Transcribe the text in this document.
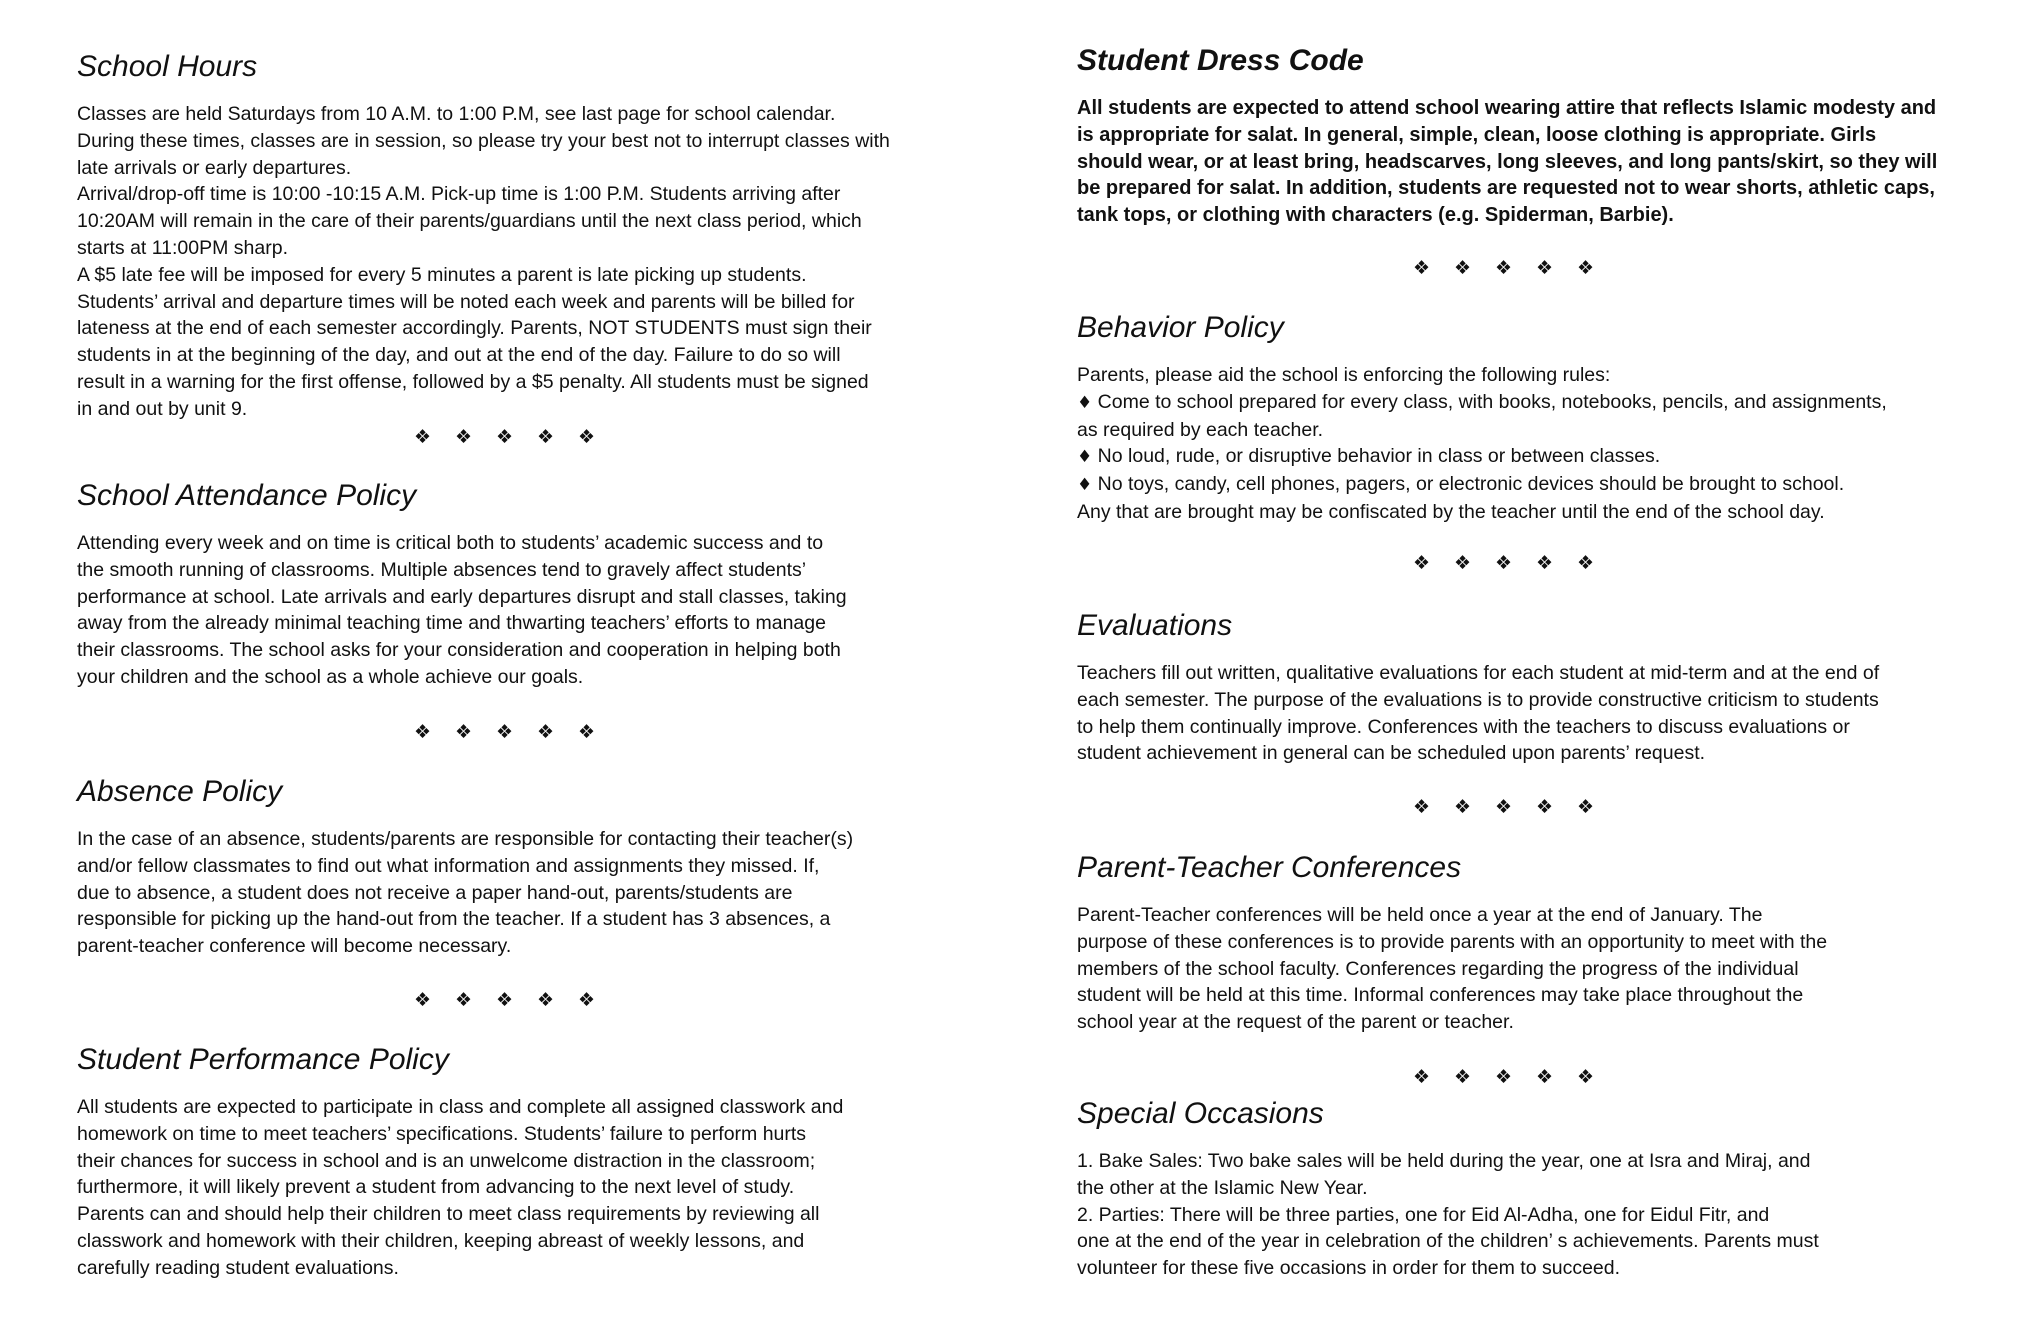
School Hours
Classes are held Saturdays from 10 A.M. to 1:00 P.M, see last page for school calendar.
During these times, classes are in session, so please try your best not to interrupt classes with
late arrivals or early departures.
Arrival/drop-off time is 10:00 -10:15 A.M. Pick-up time is 1:00 P.M. Students arriving after
10:20AM will remain in the care of their parents/guardians until the next class period, which
starts at 11:00PM sharp.
A $5 late fee will be imposed for every 5 minutes a parent is late picking up students.
Students’ arrival and departure times will be noted each week and parents will be billed for
lateness at the end of each semester accordingly. Parents, NOT STUDENTS must sign their
students in at the beginning of the day, and out at the end of the day. Failure to do so will
result in a warning for the first offense, followed by a $5 penalty. All students must be signed
in and out by unit 9.
❖ ❖ ❖ ❖ ❖
School Attendance Policy
Attending every week and on time is critical both to students’ academic success and to
the smooth running of classrooms. Multiple absences tend to gravely affect students’
performance at school. Late arrivals and early departures disrupt and stall classes, taking
away from the already minimal teaching time and thwarting teachers’ efforts to manage
their classrooms. The school asks for your consideration and cooperation in helping both
your children and the school as a whole achieve our goals.
❖ ❖ ❖ ❖ ❖
Absence Policy
In the case of an absence, students/parents are responsible for contacting their teacher(s)
and/or fellow classmates to find out what information and assignments they missed. If,
due to absence, a student does not receive a paper hand-out, parents/students are
responsible for picking up the hand-out from the teacher. If a student has 3 absences, a
parent-teacher conference will become necessary.
❖ ❖ ❖ ❖ ❖
Student Performance Policy
All students are expected to participate in class and complete all assigned classwork and
homework on time to meet teachers’ specifications. Students’ failure to perform hurts
their chances for success in school and is an unwelcome distraction in the classroom;
furthermore, it will likely prevent a student from advancing to the next level of study.
Parents can and should help their children to meet class requirements by reviewing all
classwork and homework with their children, keeping abreast of weekly lessons, and
carefully reading student evaluations.
Student Dress Code
All students are expected to attend school wearing attire that reflects Islamic modesty and
is appropriate for salat. In general, simple, clean, loose clothing is appropriate. Girls
should wear, or at least bring, headscarves, long sleeves, and long pants/skirt, so they will
be prepared for salat. In addition, students are requested not to wear shorts, athletic caps,
tank tops, or clothing with characters (e.g. Spiderman, Barbie).
❖ ❖ ❖ ❖ ❖
Behavior Policy
Parents, please aid the school is enforcing the following rules:
♦ Come to school prepared for every class, with books, notebooks, pencils, and assignments,
as required by each teacher.
♦ No loud, rude, or disruptive behavior in class or between classes.
♦ No toys, candy, cell phones, pagers, or electronic devices should be brought to school.
Any that are brought may be confiscated by the teacher until the end of the school day.
❖ ❖ ❖ ❖ ❖
Evaluations
Teachers fill out written, qualitative evaluations for each student at mid-term and at the end of
each semester. The purpose of the evaluations is to provide constructive criticism to students
to help them continually improve. Conferences with the teachers to discuss evaluations or
student achievement in general can be scheduled upon parents’ request.
❖ ❖ ❖ ❖ ❖
Parent-Teacher Conferences
Parent-Teacher conferences will be held once a year at the end of January. The
purpose of these conferences is to provide parents with an opportunity to meet with the
members of the school faculty. Conferences regarding the progress of the individual
student will be held at this time. Informal conferences may take place throughout the
school year at the request of the parent or teacher.
❖ ❖ ❖ ❖ ❖
Special Occasions
1. Bake Sales: Two bake sales will be held during the year, one at Isra and Miraj, and
the other at the Islamic New Year.
2. Parties: There will be three parties, one for Eid Al-Adha, one for Eidul Fitr, and
one at the end of the year in celebration of the children’ s achievements. Parents must
volunteer for these five occasions in order for them to succeed.
